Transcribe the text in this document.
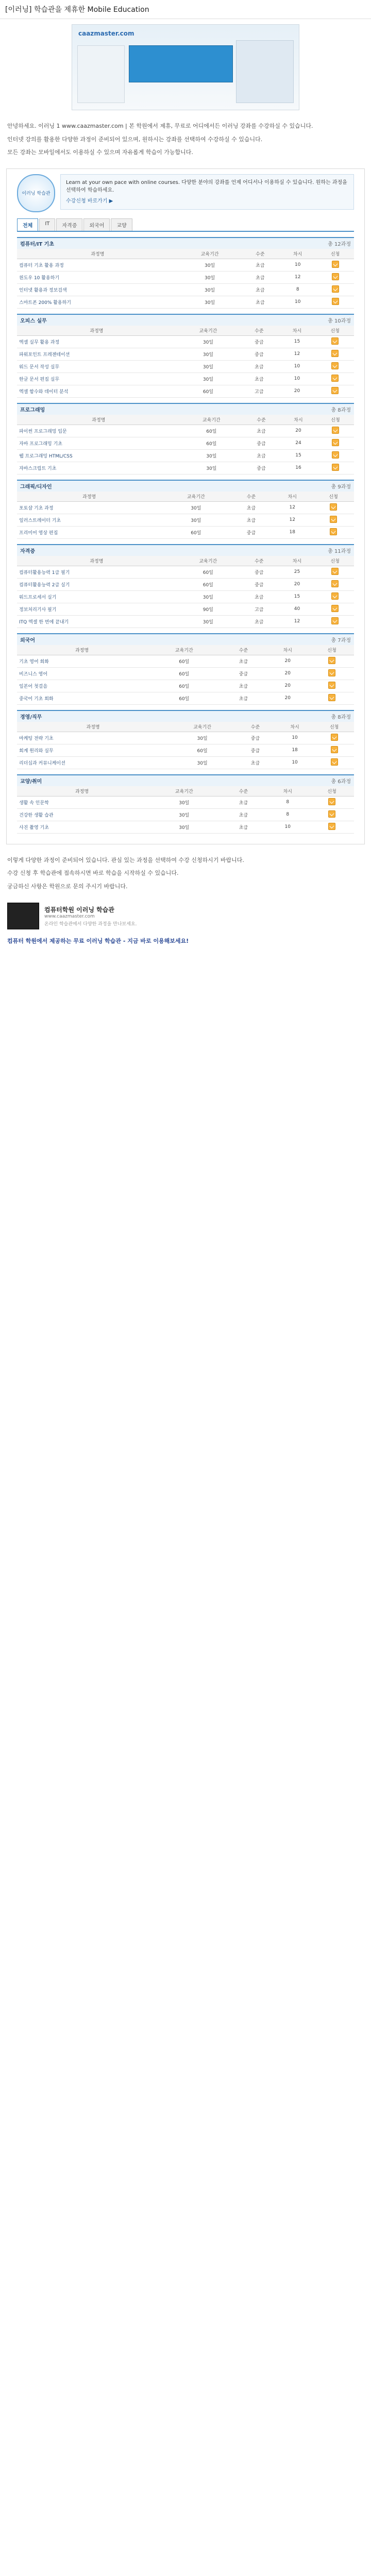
[이러닝] 학습관을 제휴한 Mobile Education
caazmaster.com

안녕하세요. 이러닝 1 www.caazmaster.com | 본 학원에서 제휴, 무료로 어디에서든 이러닝 강좌를 수강하실 수 있습니다.

인터넷 강의를 활용한 다양한 과정이 준비되어 있으며, 원하시는 강좌를 선택하여 수강하실 수 있습니다.

모든 강좌는 모바일에서도 이용하실 수 있으며 자유롭게 학습이 가능합니다.

이러닝 학습관
Learn at your own pace with online courses. 다양한 분야의 강좌를 언제 어디서나 이용하실 수 있습니다. 원하는 과정을 선택하여 학습하세요.
수강신청 바로가기 ▶
전체	IT	자격증	외국어	교양
컴퓨터/IT 기초	총 12과정
과정명	교육기간	수준	차시	신청
컴퓨터 기초 활용 과정	30일	초급	10	
윈도우 10 활용하기	30일	초급	12	
인터넷 활용과 정보검색	30일	초급	8	
스마트폰 200% 활용하기	30일	초급	10	
오피스 실무	총 10과정
과정명	교육기간	수준	차시	신청
엑셀 실무 활용 과정	30일	중급	15	
파워포인트 프레젠테이션	30일	중급	12	
워드 문서 작성 실무	30일	초급	10	
한글 문서 편집 실무	30일	초급	10	
엑셀 함수와 데이터 분석	60일	고급	20	
프로그래밍	총 8과정
과정명	교육기간	수준	차시	신청
파이썬 프로그래밍 입문	60일	초급	20	
자바 프로그래밍 기초	60일	중급	24	
웹 프로그래밍 HTML/CSS	30일	초급	15	
자바스크립트 기초	30일	중급	16	
그래픽/디자인	총 9과정
과정명	교육기간	수준	차시	신청
포토샵 기초 과정	30일	초급	12	
일러스트레이터 기초	30일	초급	12	
프리미어 영상 편집	60일	중급	18	
자격증	총 11과정
과정명	교육기간	수준	차시	신청
컴퓨터활용능력 1급 필기	60일	중급	25	
컴퓨터활용능력 2급 실기	60일	중급	20	
워드프로세서 실기	30일	초급	15	
정보처리기사 필기	90일	고급	40	
ITQ 엑셀 한 번에 끝내기	30일	초급	12	
외국어	총 7과정
과정명	교육기간	수준	차시	신청
기초 영어 회화	60일	초급	20	
비즈니스 영어	60일	중급	20	
일본어 첫걸음	60일	초급	20	
중국어 기초 회화	60일	초급	20	
경영/직무	총 8과정
과정명	교육기간	수준	차시	신청
마케팅 전략 기초	30일	중급	10	
회계 원리와 실무	60일	중급	18	
리더십과 커뮤니케이션	30일	초급	10	
교양/취미	총 6과정
과정명	교육기간	수준	차시	신청
생활 속 인문학	30일	초급	8	
건강한 생활 습관	30일	초급	8	
사진 촬영 기초	30일	초급	10	

이렇게 다양한 과정이 준비되어 있습니다. 관심 있는 과정을 선택하여 수강 신청하시기 바랍니다.

수강 신청 후 학습관에 접속하시면 바로 학습을 시작하실 수 있습니다.

궁금하신 사항은 학원으로 문의 주시기 바랍니다.

컴퓨터학원 이러닝 학습관
www.caazmaster.com
온라인 학습관에서 다양한 과정을 만나보세요.
컴퓨터 학원에서 제공하는 무료 이러닝 학습관 - 지금 바로 이용해보세요!
